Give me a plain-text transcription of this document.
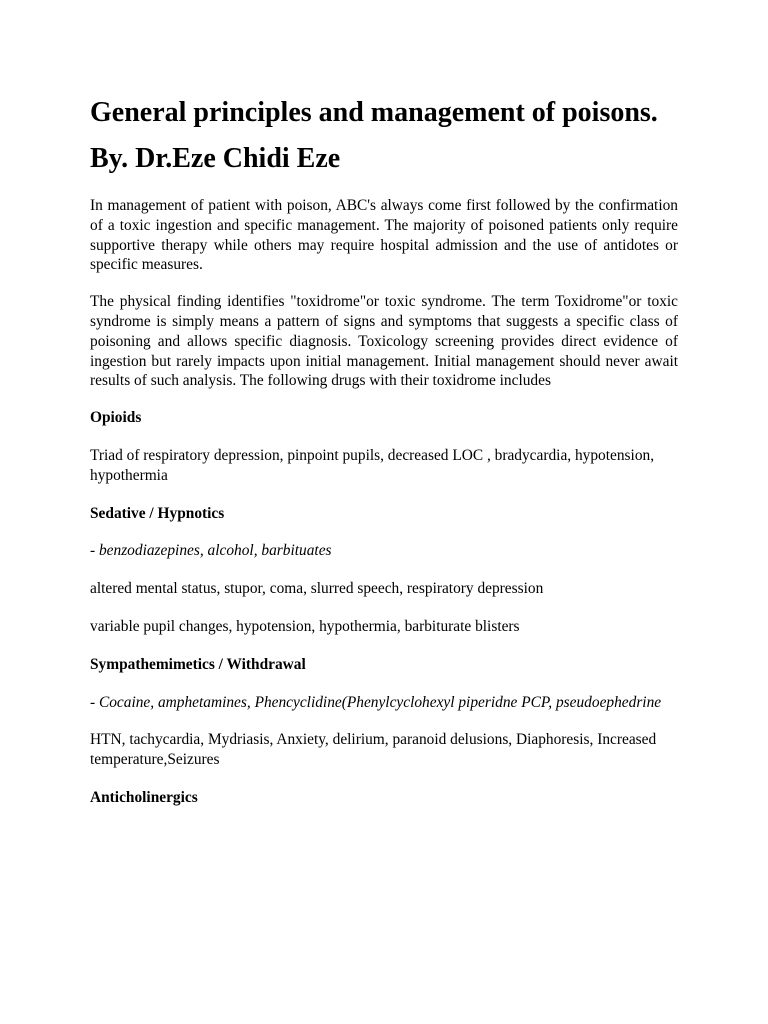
General principles and management of poisons.
By. Dr.Eze Chidi Eze

In management of patient with poison, ABC's always come first followed by the confirmation of a toxic ingestion and specific management. The majority of poisoned patients only require supportive therapy while others may require hospital admission and the use of antidotes or specific measures.

The physical finding identifies "toxidrome"or toxic syndrome. The term Toxidrome"or toxic syndrome is simply means a pattern of signs and symptoms that suggests a specific class of poisoning and allows specific diagnosis. Toxicology screening provides direct evidence of ingestion but rarely impacts upon initial management. Initial management should never await results of such analysis. The following drugs with their toxidrome includes

Opioids

Triad of respiratory depression, pinpoint pupils, decreased LOC , bradycardia, hypotension, hypothermia

Sedative / Hypnotics

- benzodiazepines, alcohol, barbituates

altered mental status, stupor, coma, slurred speech, respiratory depression

variable pupil changes, hypotension, hypothermia, barbiturate blisters

Sympathemimetics / Withdrawal

- Cocaine, amphetamines, Phencyclidine(Phenylcyclohexyl piperidne PCP, pseudoephedrine

HTN, tachycardia, Mydriasis, Anxiety, delirium, paranoid delusions, Diaphoresis, Increased temperature,Seizures

Anticholinergics
